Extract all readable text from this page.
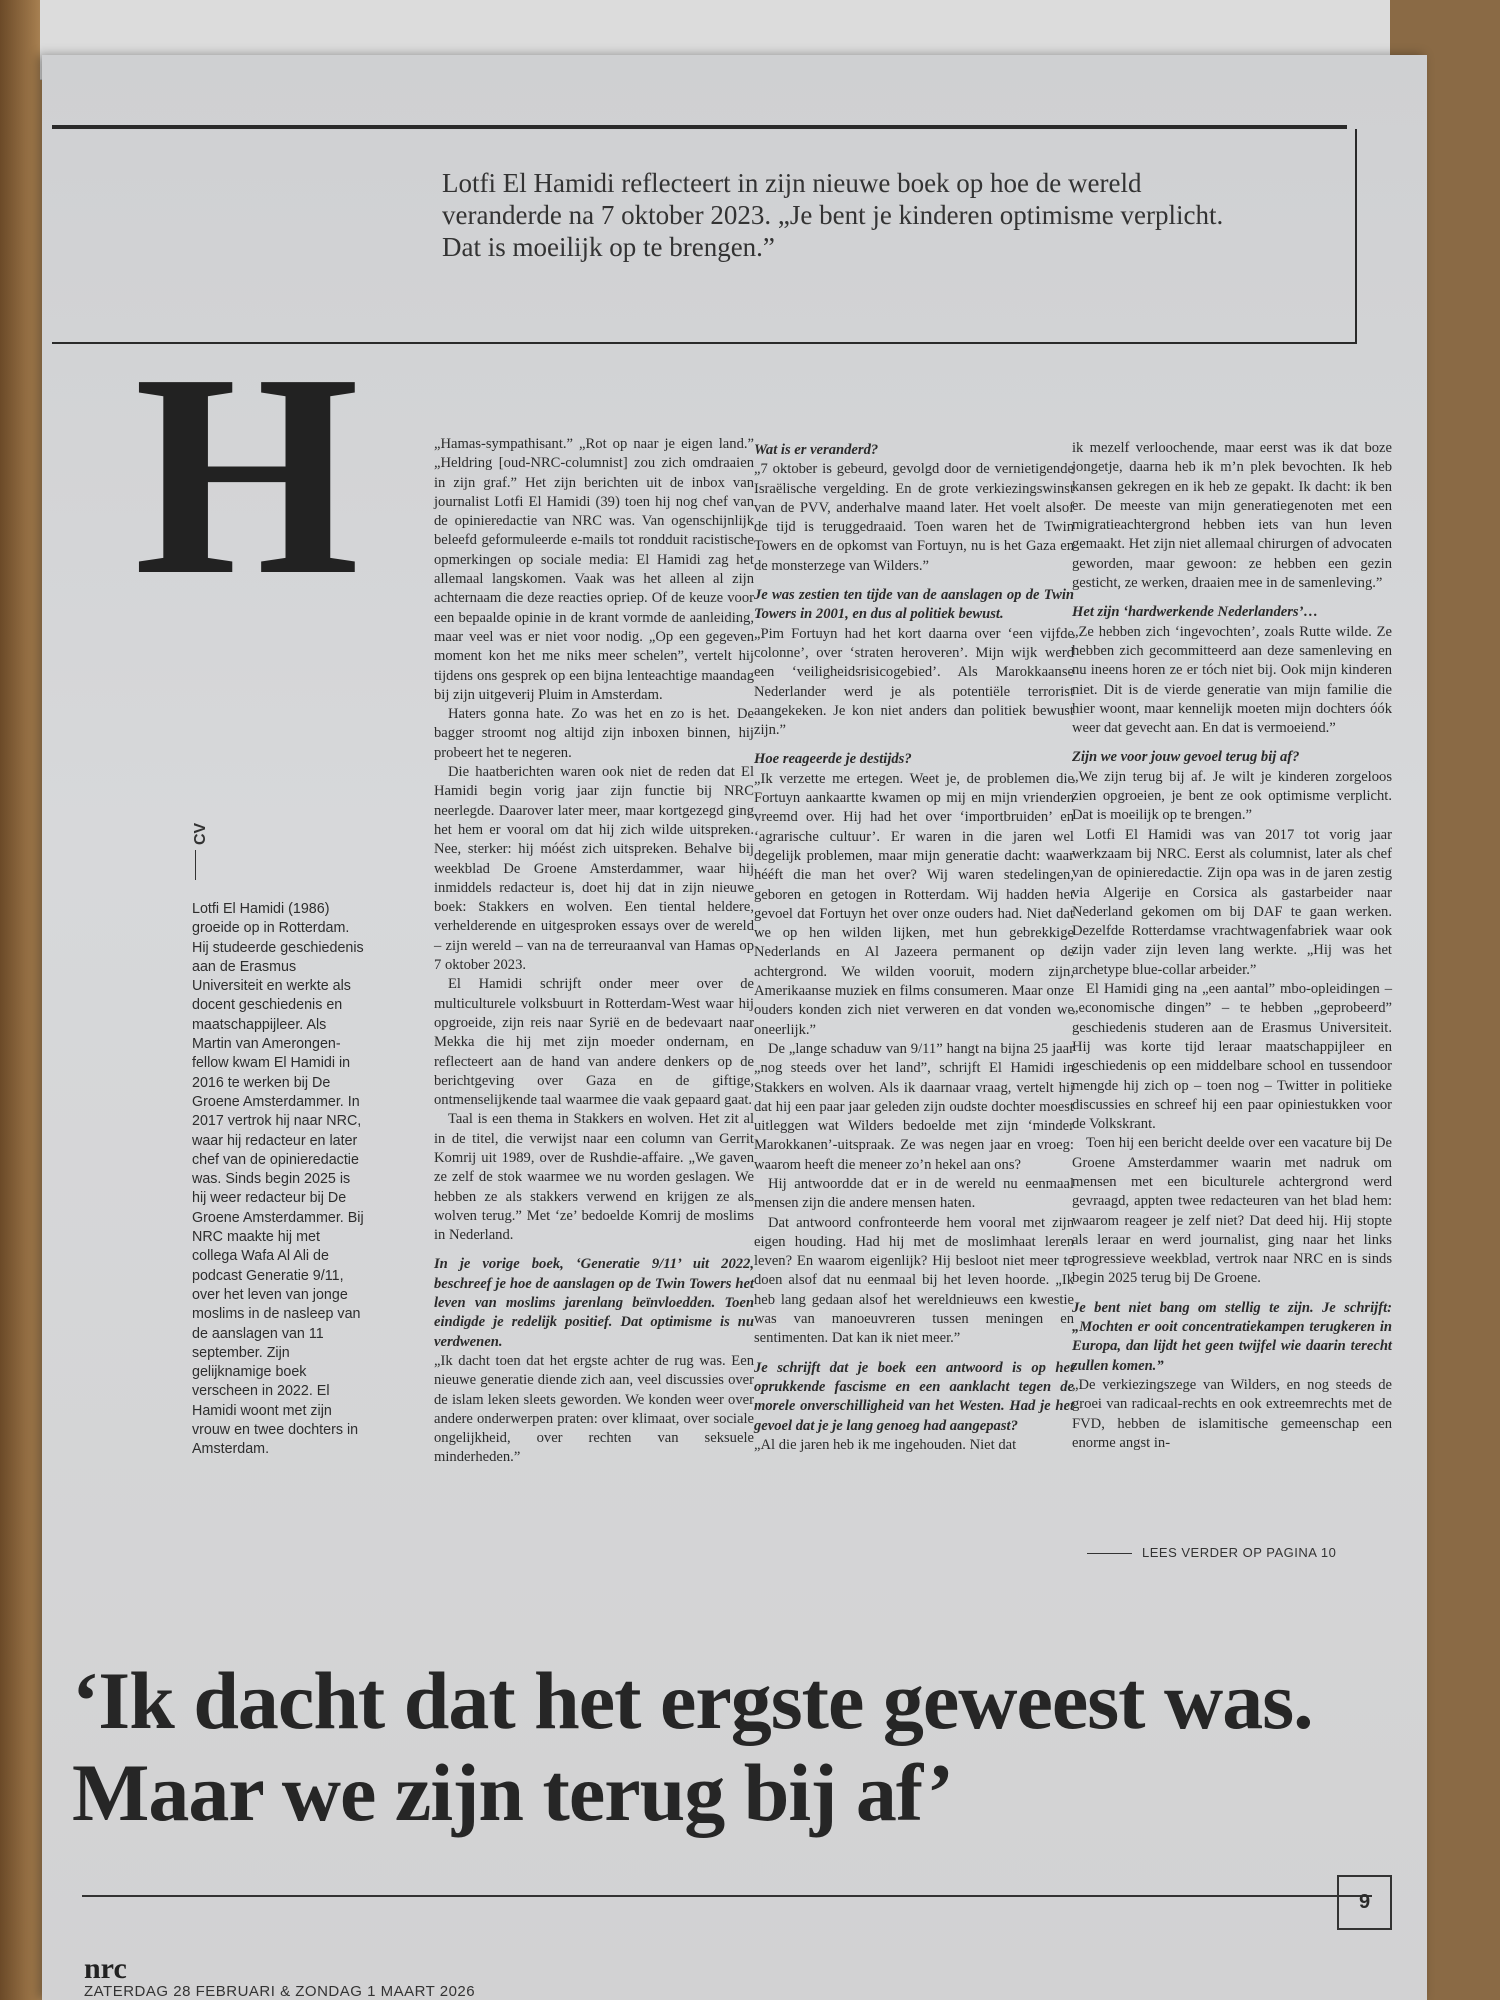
Lotfi El Hamidi reflecteert in zijn nieuwe boek op hoe de wereld veranderde na 7 oktober 2023. „Je bent je kinderen optimisme verplicht. Dat is moeilijk op te brengen.”

H
CV

Lotfi El Hamidi (1986) groeide op in Rotterdam. Hij studeerde geschiedenis aan de Erasmus Universiteit en werkte als docent geschiedenis en maatschappijleer. Als Martin van Amerongen-fellow kwam El Hamidi in 2016 te werken bij De Groene Amsterdammer. In 2017 vertrok hij naar NRC, waar hij redacteur en later chef van de opinieredactie was. Sinds begin 2025 is hij weer redacteur bij De Groene Amsterdammer. Bij NRC maakte hij met collega Wafa Al Ali de podcast Generatie 9/11, over het leven van jonge moslims in de nasleep van de aanslagen van 11 september. Zijn gelijknamige boek verscheen in 2022. El Hamidi woont met zijn vrouw en twee dochters in Amsterdam.

„Hamas-sympathisant.” „Rot op naar je eigen land.” „Heldring [oud-NRC-columnist] zou zich omdraaien in zijn graf.” Het zijn berichten uit de inbox van journalist Lotfi El Hamidi (39) toen hij nog chef van de opinieredactie van NRC was. Van ogenschijnlijk beleefd geformuleerde e-mails tot rondduit racistische opmerkingen op sociale media: El Hamidi zag het allemaal langskomen. Vaak was het alleen al zijn achternaam die deze reacties opriep. Of de keuze voor een bepaalde opinie in de krant vormde de aanleiding, maar veel was er niet voor nodig. „Op een gegeven moment kon het me niks meer schelen”, vertelt hij tijdens ons gesprek op een bijna lenteachtige maandag bij zijn uitgeverij Pluim in Amsterdam.

Haters gonna hate. Zo was het en zo is het. De bagger stroomt nog altijd zijn inboxen binnen, hij probeert het te negeren.

Die haatberichten waren ook niet de reden dat El Hamidi begin vorig jaar zijn functie bij NRC neerlegde. Daarover later meer, maar kortgezegd ging het hem er vooral om dat hij zich wilde uitspreken. Nee, sterker: hij móést zich uitspreken. Behalve bij weekblad De Groene Amsterdammer, waar hij inmiddels redacteur is, doet hij dat in zijn nieuwe boek: Stakkers en wolven. Een tiental heldere, verhelderende en uitgesproken essays over de wereld – zijn wereld – van na de terreuraanval van Hamas op 7 oktober 2023.

El Hamidi schrijft onder meer over de multiculturele volksbuurt in Rotterdam-West waar hij opgroeide, zijn reis naar Syrië en de bedevaart naar Mekka die hij met zijn moeder ondernam, en reflecteert aan de hand van andere denkers op de berichtgeving over Gaza en de giftige, ontmenselijkende taal waarmee die vaak gepaard gaat.

Taal is een thema in Stakkers en wolven. Het zit al in de titel, die verwijst naar een column van Gerrit Komrij uit 1989, over de Rushdie-affaire. „We gaven ze zelf de stok waarmee we nu worden geslagen. We hebben ze als stakkers verwend en krijgen ze als wolven terug.” Met ‘ze’ bedoelde Komrij de moslims in Nederland.

In je vorige boek, ‘Generatie 9/11’ uit 2022, beschreef je hoe de aanslagen op de Twin Towers het leven van moslims jarenlang beïnvloedden. Toen eindigde je redelijk positief. Dat optimisme is nu verdwenen.

„Ik dacht toen dat het ergste achter de rug was. Een nieuwe generatie diende zich aan, veel discussies over de islam leken sleets geworden. We konden weer over andere onderwerpen praten: over klimaat, over sociale ongelijkheid, over rechten van seksuele minderheden.”

Wat is er veranderd?

„7 oktober is gebeurd, gevolgd door de vernietigende Israëlische vergelding. En de grote verkiezingswinst van de PVV, anderhalve maand later. Het voelt alsof de tijd is teruggedraaid. Toen waren het de Twin Towers en de opkomst van Fortuyn, nu is het Gaza en de monsterzege van Wilders.”

Je was zestien ten tijde van de aanslagen op de Twin Towers in 2001, en dus al politiek bewust.

„Pim Fortuyn had het kort daarna over ‘een vijfde colonne’, over ‘straten heroveren’. Mijn wijk werd een ‘veiligheidsrisicogebied’. Als Marokkaanse Nederlander werd je als potentiële terrorist aangekeken. Je kon niet anders dan politiek bewust zijn.”

Hoe reageerde je destijds?

„Ik verzette me ertegen. Weet je, de problemen die Fortuyn aankaartte kwamen op mij en mijn vrienden vreemd over. Hij had het over ‘importbruiden’ en ‘agrarische cultuur’. Er waren in die jaren wel degelijk problemen, maar mijn generatie dacht: waar hééft die man het over? Wij waren stedelingen, geboren en getogen in Rotterdam. Wij hadden het gevoel dat Fortuyn het over onze ouders had. Niet dat we op hen wilden lijken, met hun gebrekkige Nederlands en Al Jazeera permanent op de achtergrond. We wilden vooruit, modern zijn, Amerikaanse muziek en films consumeren. Maar onze ouders konden zich niet verweren en dat vonden we oneerlijk.”

De „lange schaduw van 9/11” hangt na bijna 25 jaar „nog steeds over het land”, schrijft El Hamidi in Stakkers en wolven. Als ik daarnaar vraag, vertelt hij dat hij een paar jaar geleden zijn oudste dochter moest uitleggen wat Wilders bedoelde met zijn ‘minder Marokkanen’-uitspraak. Ze was negen jaar en vroeg: waarom heeft die meneer zo’n hekel aan ons?

Hij antwoordde dat er in de wereld nu eenmaal mensen zijn die andere mensen haten.

Dat antwoord confronteerde hem vooral met zijn eigen houding. Had hij met de moslimhaat leren leven? En waarom eigenlijk? Hij besloot niet meer te doen alsof dat nu eenmaal bij het leven hoorde. „Ik heb lang gedaan alsof het wereldnieuws een kwestie was van manoeuvreren tussen meningen en sentimenten. Dat kan ik niet meer.”

Je schrijft dat je boek een antwoord is op het oprukkende fascisme en een aanklacht tegen de morele onverschilligheid van het Westen. Had je het gevoel dat je je lang genoeg had aangepast?

„Al die jaren heb ik me ingehouden. Niet dat

ik mezelf verloochende, maar eerst was ik dat boze jongetje, daarna heb ik m’n plek bevochten. Ik heb kansen gekregen en ik heb ze gepakt. Ik dacht: ik ben er. De meeste van mijn generatiegenoten met een migratieachtergrond hebben iets van hun leven gemaakt. Het zijn niet allemaal chirurgen of advocaten geworden, maar gewoon: ze hebben een gezin gesticht, ze werken, draaien mee in de samenleving.”

Het zijn ‘hardwerkende Nederlanders’…

„Ze hebben zich ‘ingevochten’, zoals Rutte wilde. Ze hebben zich gecommitteerd aan deze samenleving en nu ineens horen ze er tóch niet bij. Ook mijn kinderen niet. Dit is de vierde generatie van mijn familie die hier woont, maar kennelijk moeten mijn dochters óók weer dat gevecht aan. En dat is vermoeiend.”

Zijn we voor jouw gevoel terug bij af?

„We zijn terug bij af. Je wilt je kinderen zorgeloos zien opgroeien, je bent ze ook optimisme verplicht. Dat is moeilijk op te brengen.”

Lotfi El Hamidi was van 2017 tot vorig jaar werkzaam bij NRC. Eerst als columnist, later als chef van de opinieredactie. Zijn opa was in de jaren zestig via Algerije en Corsica als gastarbeider naar Nederland gekomen om bij DAF te gaan werken. Dezelfde Rotterdamse vrachtwagenfabriek waar ook zijn vader zijn leven lang werkte. „Hij was het archetype blue-collar arbeider.”

El Hamidi ging na „een aantal” mbo-opleidingen – „economische dingen” – te hebben „geprobeerd” geschiedenis studeren aan de Erasmus Universiteit. Hij was korte tijd leraar maatschappijleer en geschiedenis op een middelbare school en tussendoor mengde hij zich op – toen nog – Twitter in politieke discussies en schreef hij een paar opiniestukken voor de Volkskrant.

Toen hij een bericht deelde over een vacature bij De Groene Amsterdammer waarin met nadruk om mensen met een biculturele achtergrond werd gevraagd, appten twee redacteuren van het blad hem: waarom reageer je zelf niet? Dat deed hij. Hij stopte als leraar en werd journalist, ging naar het links progressieve weekblad, vertrok naar NRC en is sinds begin 2025 terug bij De Groene.

Je bent niet bang om stellig te zijn. Je schrijft: „Mochten er ooit concentratiekampen terugkeren in Europa, dan lijdt het geen twijfel wie daarin terecht zullen komen.”

„De verkiezingszege van Wilders, en nog steeds de groei van radicaal-rechts en ook extreemrechts met de FVD, hebben de islamitische gemeenschap een enorme angst in-

LEES VERDER OP PAGINA 10
‘Ik dacht dat het ergste geweest was. Maar we zijn terug bij af’
9
nrc
ZATERDAG 28 FEBRUARI & ZONDAG 1 MAART 2026
